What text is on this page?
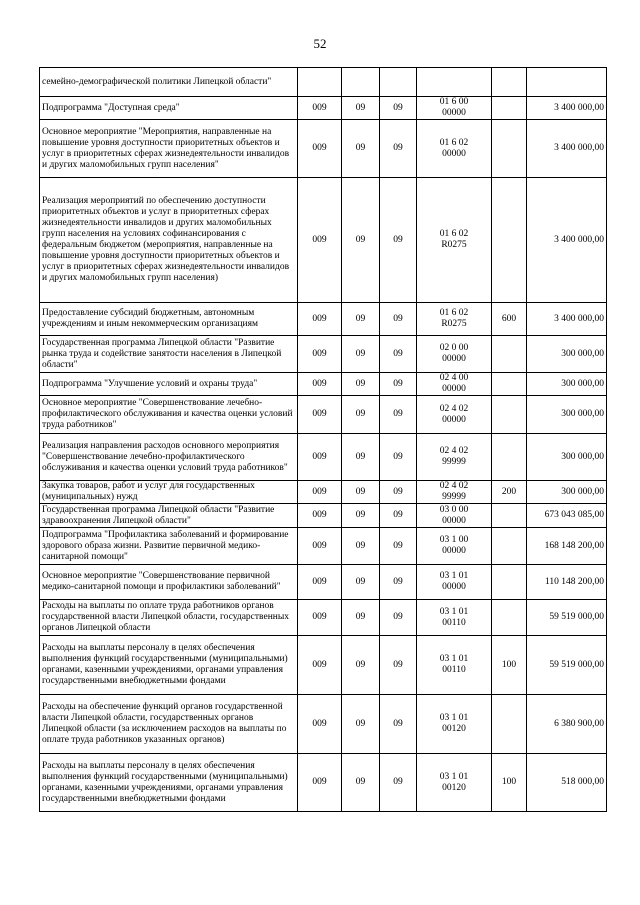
52
семейно-демографической политики Липецкой области"				

Подпрограмма "Доступная среда"	009	09	09	01 6 00
00000		3 400 000,00
Основное мероприятие "Мероприятия, направленные на повышение уровня доступности приоритетных объектов и услуг в приоритетных сферах жизнедеятельности инвалидов и других маломобильных групп населения"	009	09	09	01 6 02
00000		3 400 000,00
Реализация мероприятий по обеспечению доступности приоритетных объектов и услуг в приоритетных сферах жизнедеятельности инвалидов и других маломобильных групп населения на условиях софинансирования с федеральным бюджетом (мероприятия, направленные на повышение уровня доступности приоритетных объектов и услуг в приоритетных сферах жизнедеятельности инвалидов и других маломобильных групп населения)	009	09	09	01 6 02
R0275		3 400 000,00
Предоставление субсидий бюджетным, автономным учреждениям и иным некоммерческим организациям	009	09	09	01 6 02
R0275	600	3 400 000,00
Государственная программа Липецкой области "Развитие рынка труда и содействие занятости населения в Липецкой области"	009	09	09	02 0 00
00000		300 000,00
Подпрограмма "Улучшение условий и охраны труда"	009	09	09	02 4 00
00000		300 000,00
Основное мероприятие "Совершенствование лечебно-профилактического обслуживания и качества оценки условий труда работников"	009	09	09	02 4 02
00000		300 000,00
Реализация направления расходов основного мероприятия "Совершенствование лечебно-профилактического обслуживания и качества оценки условий труда работников"	009	09	09	02 4 02
99999		300 000,00
Закупка товаров, работ и услуг для государственных (муниципальных) нужд	009	09	09	02 4 02
99999	200	300 000,00
Государственная программа Липецкой области "Развитие здравоохранения Липецкой области"	009	09	09	03 0 00
00000		673 043 085,00
Подпрограмма "Профилактика заболеваний и формирование здорового образа жизни. Развитие первичной медико-санитарной помощи"	009	09	09	03 1 00
00000		168 148 200,00
Основное мероприятие "Совершенствование первичной медико-санитарной помощи и профилактики заболеваний"	009	09	09	03 1 01
00000		110 148 200,00
Расходы на выплаты по оплате труда работников органов государственной власти Липецкой области, государственных органов Липецкой области	009	09	09	03 1 01
00110		59 519 000,00
Расходы на выплаты персоналу в целях обеспечения выполнения функций государственными (муниципальными) органами, казенными учреждениями, органами управления государственными внебюджетными фондами	009	09	09	03 1 01
00110	100	59 519 000,00
Расходы на обеспечение функций органов государственной власти Липецкой области, государственных органов Липецкой области (за исключением расходов на выплаты по оплате труда работников указанных органов)	009	09	09	03 1 01
00120		6 380 900,00
Расходы на выплаты персоналу в целях обеспечения выполнения функций государственными (муниципальными) органами, казенными учреждениями, органами управления государственными внебюджетными фондами	009	09	09	03 1 01
00120	100	518 000,00
